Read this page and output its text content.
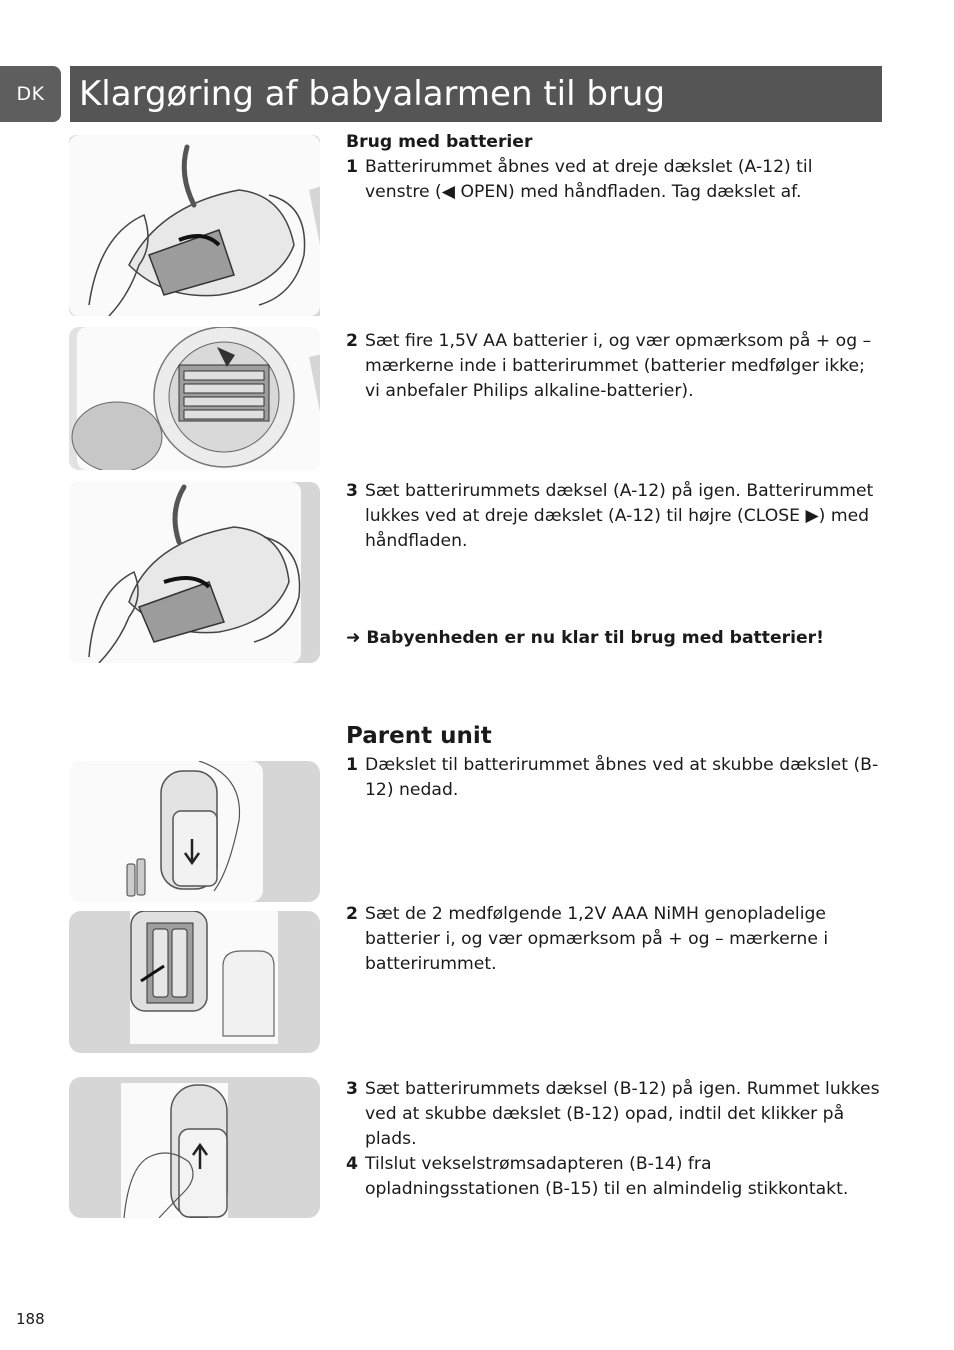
DK	Klargøring af babyalarmen til brug
Brug med batterier
1 Batterirummet åbnes ved at dreje dækslet (A-12) til venstre (◀ OPEN) med håndfladen. Tag dækslet af.
2 Sæt fire 1,5V AA batterier i, og vær opmærksom på + og – mærkerne inde i batterirummet (batterier medfølger ikke; vi anbefaler Philips alkaline-batterier).
3 Sæt batterirummets dæksel (A-12) på igen. Batterirummet lukkes ved at dreje dækslet (A-12) til højre (CLOSE ▶) med håndfladen.
➜ Babyenheden er nu klar til brug med batterier!
Parent unit
1 Dækslet til batterirummet åbnes ved at skubbe dækslet (B-12) nedad.
2 Sæt de 2 medfølgende 1,2V AAA NiMH genopladelige batterier i, og vær opmærksom på + og – mærkerne i batterirummet.
3 Sæt batterirummets dæksel (B-12) på igen. Rummet lukkes ved at skubbe dækslet (B-12) opad, indtil det klikker på plads.
4 Tilslut vekselstrømsadapteren (B-14) fra opladningsstationen (B-15) til en almindelig stikkontakt.
188
